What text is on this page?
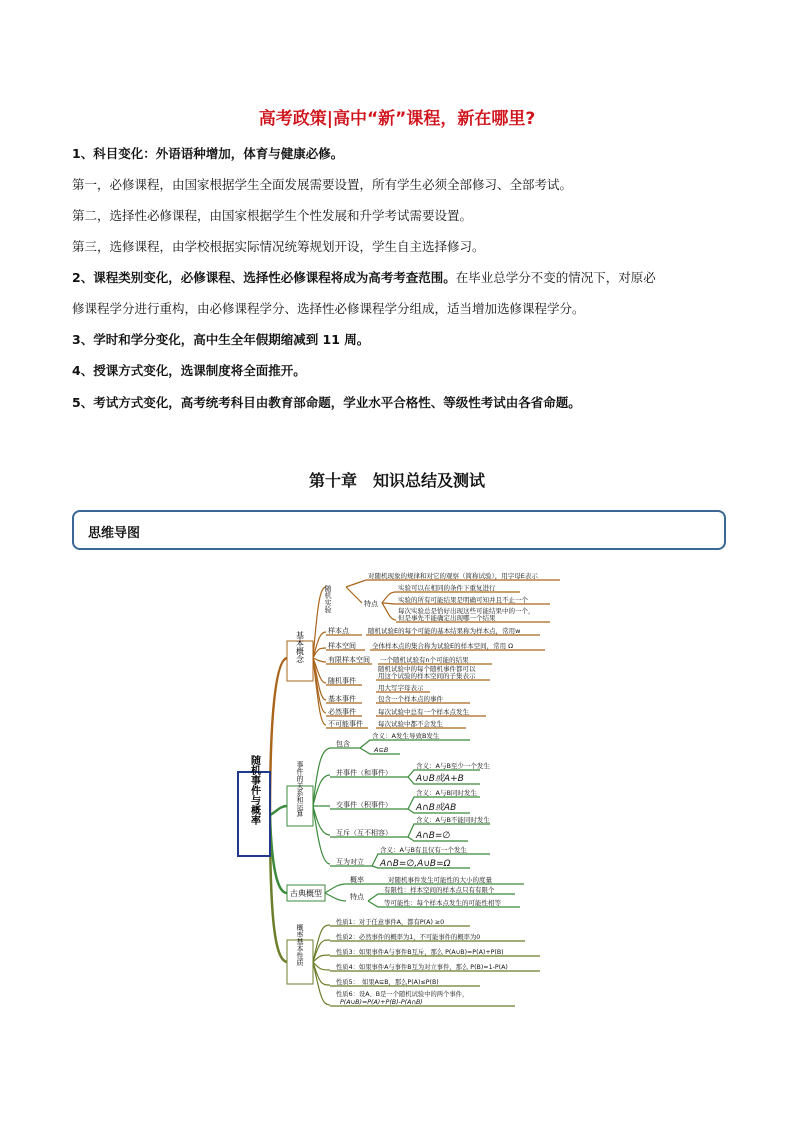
高考政策|高中“新”课程，新在哪里?
1、科目变化：外语语种增加，体育与健康必修。
第一，必修课程，由国家根据学生全面发展需要设置，所有学生必须全部修习、全部考试。
第二，选择性必修课程，由国家根据学生个性发展和升学考试需要设置。
第三，选修课程，由学校根据实际情况统筹规划开设，学生自主选择修习。
2、课程类别变化，必修课程、选择性必修课程将成为高考考查范围。在毕业总学分不变的情况下，对原必
修课程学分进行重构，由必修课程学分、选择性必修课程学分组成，适当增加选修课程学分。
3、学时和学分变化，高中生全年假期缩减到 11 周。
4、授课方式变化，选课制度将全面推开。
5、考试方式变化，高考统考科目由教育部命题，学业水平合格性、等级性考试由各省命题。
第十章　知识总结及测试
思维导图
随机事件与概率
基本概念
事件的关系和运算
古典概型
概率基本性质
随机实验
对随机现象的规律和对它的观察（简称试验），用字母E表示
特点
实验可以在相同的条件下重复进行
实验的所有可能结果是明确可知并且不止一个
每次实验总是恰好出现这些可能结果中的一个，
但是事先不能确定出现哪一个结果
样本点	随机试验E的每个可能的基本结果称为样本点，常用w
样本空间 全体样本点的集合称为试验E的样本空间，常用 Ω
有限样本空间 一个随机试验有n个可能的结果
随机事件
随机试验中的每个随机事件都可以
用这个试验的样本空间的子集表示
用大写字母表示
基本事件	包含一个样本点的事件
必然事件	每次试验中总有一个样本点发生
不可能事件 每次试验中都不会发生
包含
含义：A发生导致B发生
A⊆B
并事件（和事件）
含义：A与B至少一个发生
A∪B或A+B
交事件（积事件）
含义：A与B同时发生
A∩B或AB
互斥（互不相容）
含义：A与B不能同时发生
A∩B=∅
互为对立
含义：A与B有且仅有一个发生
A∩B=∅,A∪B=Ω
概率	对随机事件发生可能性的大小的度量
特点
有限性：样本空间的样本点只有有限个
等可能性：每个样本点发生的可能性相等
性质1：对于任意事件A，都有P(A) ≥0
性质2：必然事件的概率为1，不可能事件的概率为0
性质3：如果事件A与事件B互斥，那么 P(A∪B)=P(A)+P(B)
性质4：如果事件A与事件B互为对立事件，那么 P(B)=1-P(A)
性质5：　如果A⊆B，那么P(A)≤P(B)
性质6：设A、B是一个随机试验中的两个事件，
P(A∪B)=P(A)+P(B)-P(A∩B)
